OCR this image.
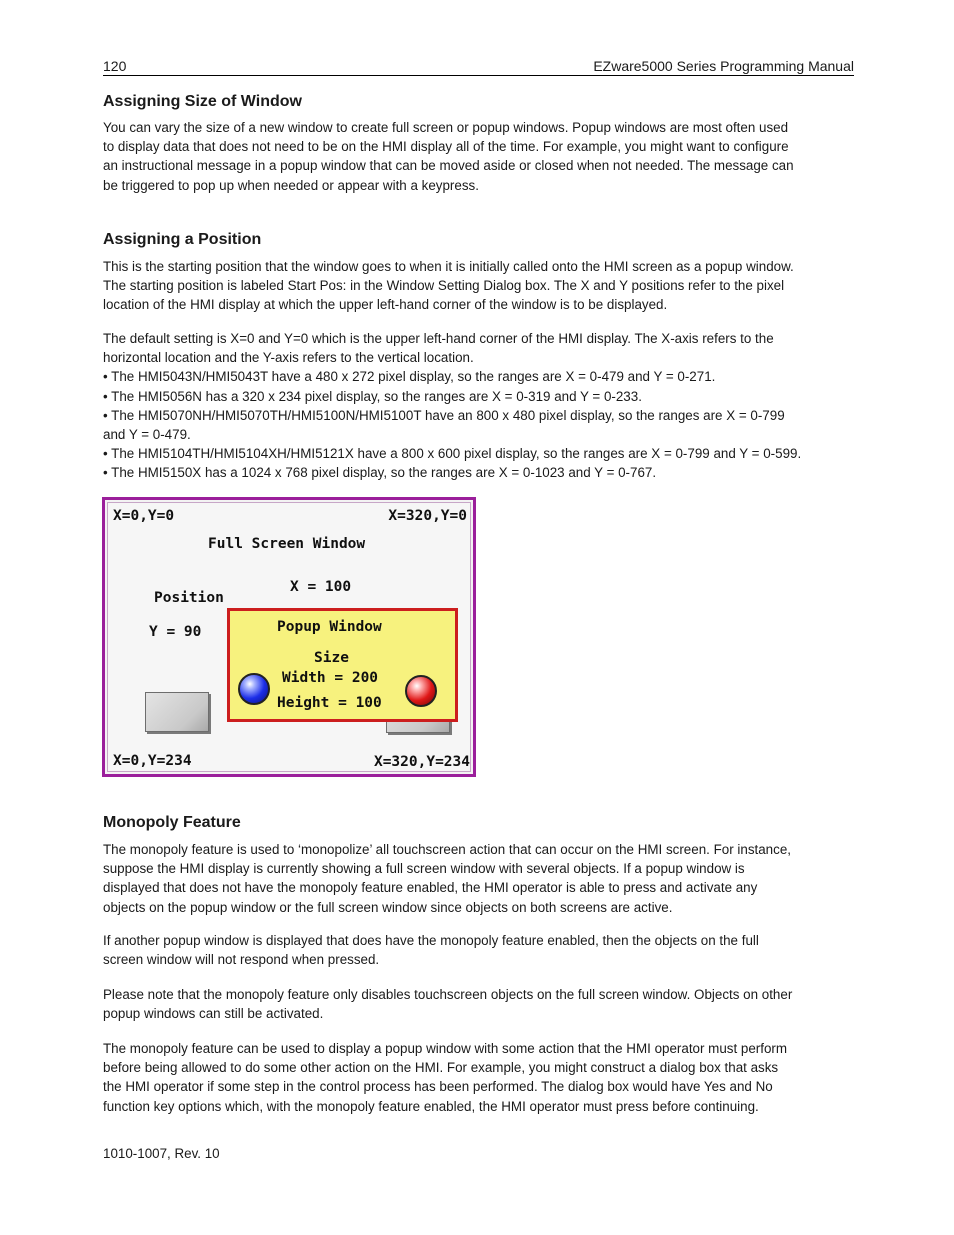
120	EZware5000 Series Programming Manual
Assigning Size of Window
You can vary the size of a new window to create full screen or popup windows. Popup windows are most often used
to display data that does not need to be on the HMI display all of the time. For example, you might want to configure
an instructional message in a popup window that can be moved aside or closed when not needed. The message can
be triggered to pop up when needed or appear with a keypress.
Assigning a Position
This is the starting position that the window goes to when it is initially called onto the HMI screen as a popup window.
The starting position is labeled Start Pos: in the Window Setting Dialog box. The X and Y positions refer to the pixel
location of the HMI display at which the upper left-hand corner of the window is to be displayed.
The default setting is X=0 and Y=0 which is the upper left-hand corner of the HMI display. The X-axis refers to the
horizontal location and the Y-axis refers to the vertical location.
• The HMI5043N/HMI5043T have a 480 x 272 pixel display, so the ranges are X = 0-479 and Y = 0-271.
• The HMI5056N has a 320 x 234 pixel display, so the ranges are X = 0-319 and Y = 0-233.
• The HMI5070NH/HMI5070TH/HMI5100N/HMI5100T have an 800 x 480 pixel display, so the ranges are X = 0-799
and Y = 0-479.
• The HMI5104TH/HMI5104XH/HMI5121X have a 800 x 600 pixel display, so the ranges are X = 0-799 and Y = 0-599.
• The HMI5150X has a 1024 x 768 pixel display, so the ranges are X = 0-1023 and Y = 0-767.
X=0,Y=0	X=320,Y=0
Full Screen Window
X = 100
Position
Y = 90	Popup Window
Size
Width = 200
Height = 100
X=0,Y=234	X=320,Y=234
Monopoly Feature
The monopoly feature is used to ‘monopolize’ all touchscreen action that can occur on the HMI screen. For instance,
suppose the HMI display is currently showing a full screen window with several objects. If a popup window is
displayed that does not have the monopoly feature enabled, the HMI operator is able to press and activate any
objects on the popup window or the full screen window since objects on both screens are active.
If another popup window is displayed that does have the monopoly feature enabled, then the objects on the full
screen window will not respond when pressed.
Please note that the monopoly feature only disables touchscreen objects on the full screen window. Objects on other
popup windows can still be activated.
The monopoly feature can be used to display a popup window with some action that the HMI operator must perform
before being allowed to do some other action on the HMI. For example, you might construct a dialog box that asks
the HMI operator if some step in the control process has been performed. The dialog box would have Yes and No
function key options which, with the monopoly feature enabled, the HMI operator must press before continuing.
1010-1007, Rev. 10
